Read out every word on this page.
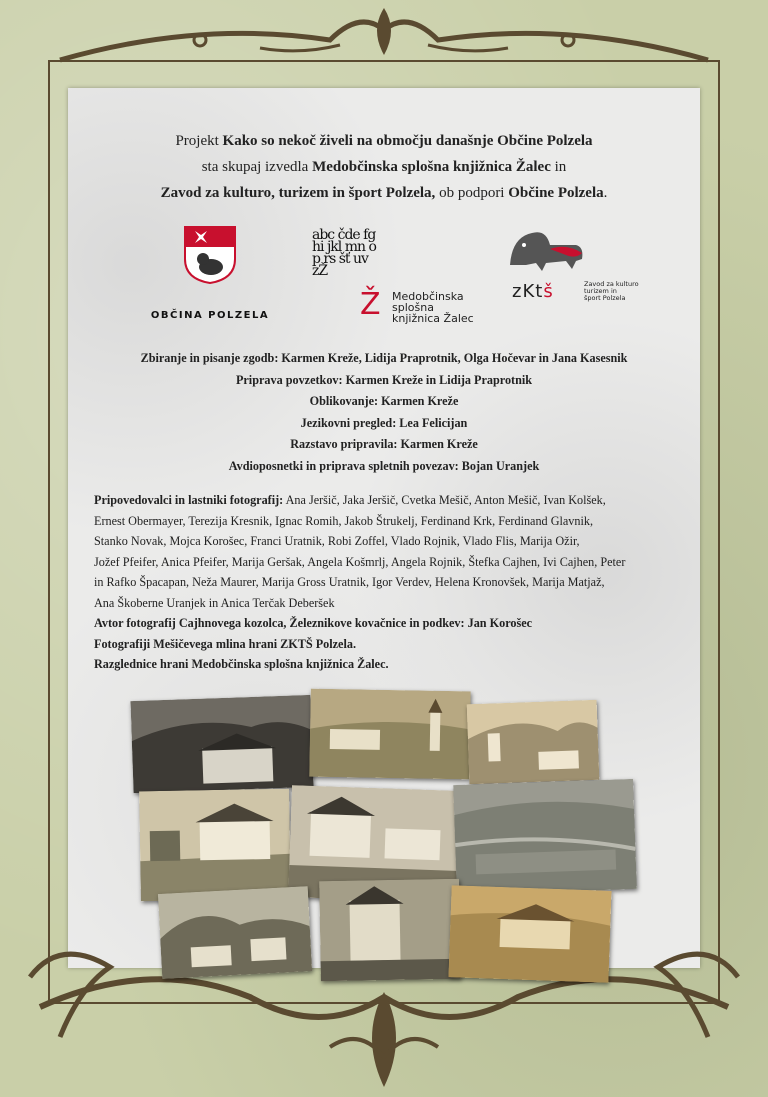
Projekt Kako so nekoč živeli na območju današnje Občine Polzela
sta skupaj izvedla Medobčinska splošna knjižnica Žalec in
Zavod za kulturo, turizem in šport Polzela, ob podpori Občine Polzela.
OBČINA POLZELA
abc čde fghi jkl mn op rs šť uv zŽ
Ž Medobčinska
splošna
knjižnica Žalec
zKtš	Zavod za kulturo
turizem in
šport Polzela
Zbiranje in pisanje zgodb: Karmen Kreže, Lidija Praprotnik, Olga Hočevar in Jana Kasesnik
Priprava povzetkov: Karmen Kreže in Lidija Praprotnik
Oblikovanje: Karmen Kreže
Jezikovni pregled: Lea Felicijan
Razstavo pripravila: Karmen Kreže
Avdioposnetki in priprava spletnih povezav: Bojan Uranjek
Pripovedovalci in lastniki fotografij: Ana Jeršič, Jaka Jeršič, Cvetka Mešič, Anton Mešič, Ivan Kolšek,
Ernest Obermayer, Terezija Kresnik, Ignac Romih, Jakob Štrukelj, Ferdinand Krk, Ferdinand Glavnik,
Stanko Novak, Mojca Korošec, Franci Uratnik, Robi Zoffel, Vlado Rojnik, Vlado Flis, Marija Ožir,
Jožef Pfeifer, Anica Pfeifer, Marija Geršak, Angela Košmrlj, Angela Rojnik, Štefka Cajhen, Ivi Cajhen, Peter
in Rafko Špacapan, Neža Maurer, Marija Gross Uratnik, Igor Verdev, Helena Kronovšek, Marija Matjaž,
Ana Škoberne Uranjek in Anica Terčak Deberšek
Avtor fotografij Cajhnovega kozolca, Železnikove kovačnice in podkev: Jan Korošec
Fotografiji Mešičevega mlina hrani ZKTŠ Polzela.
Razglednice hrani Medobčinska splošna knjižnica Žalec.
